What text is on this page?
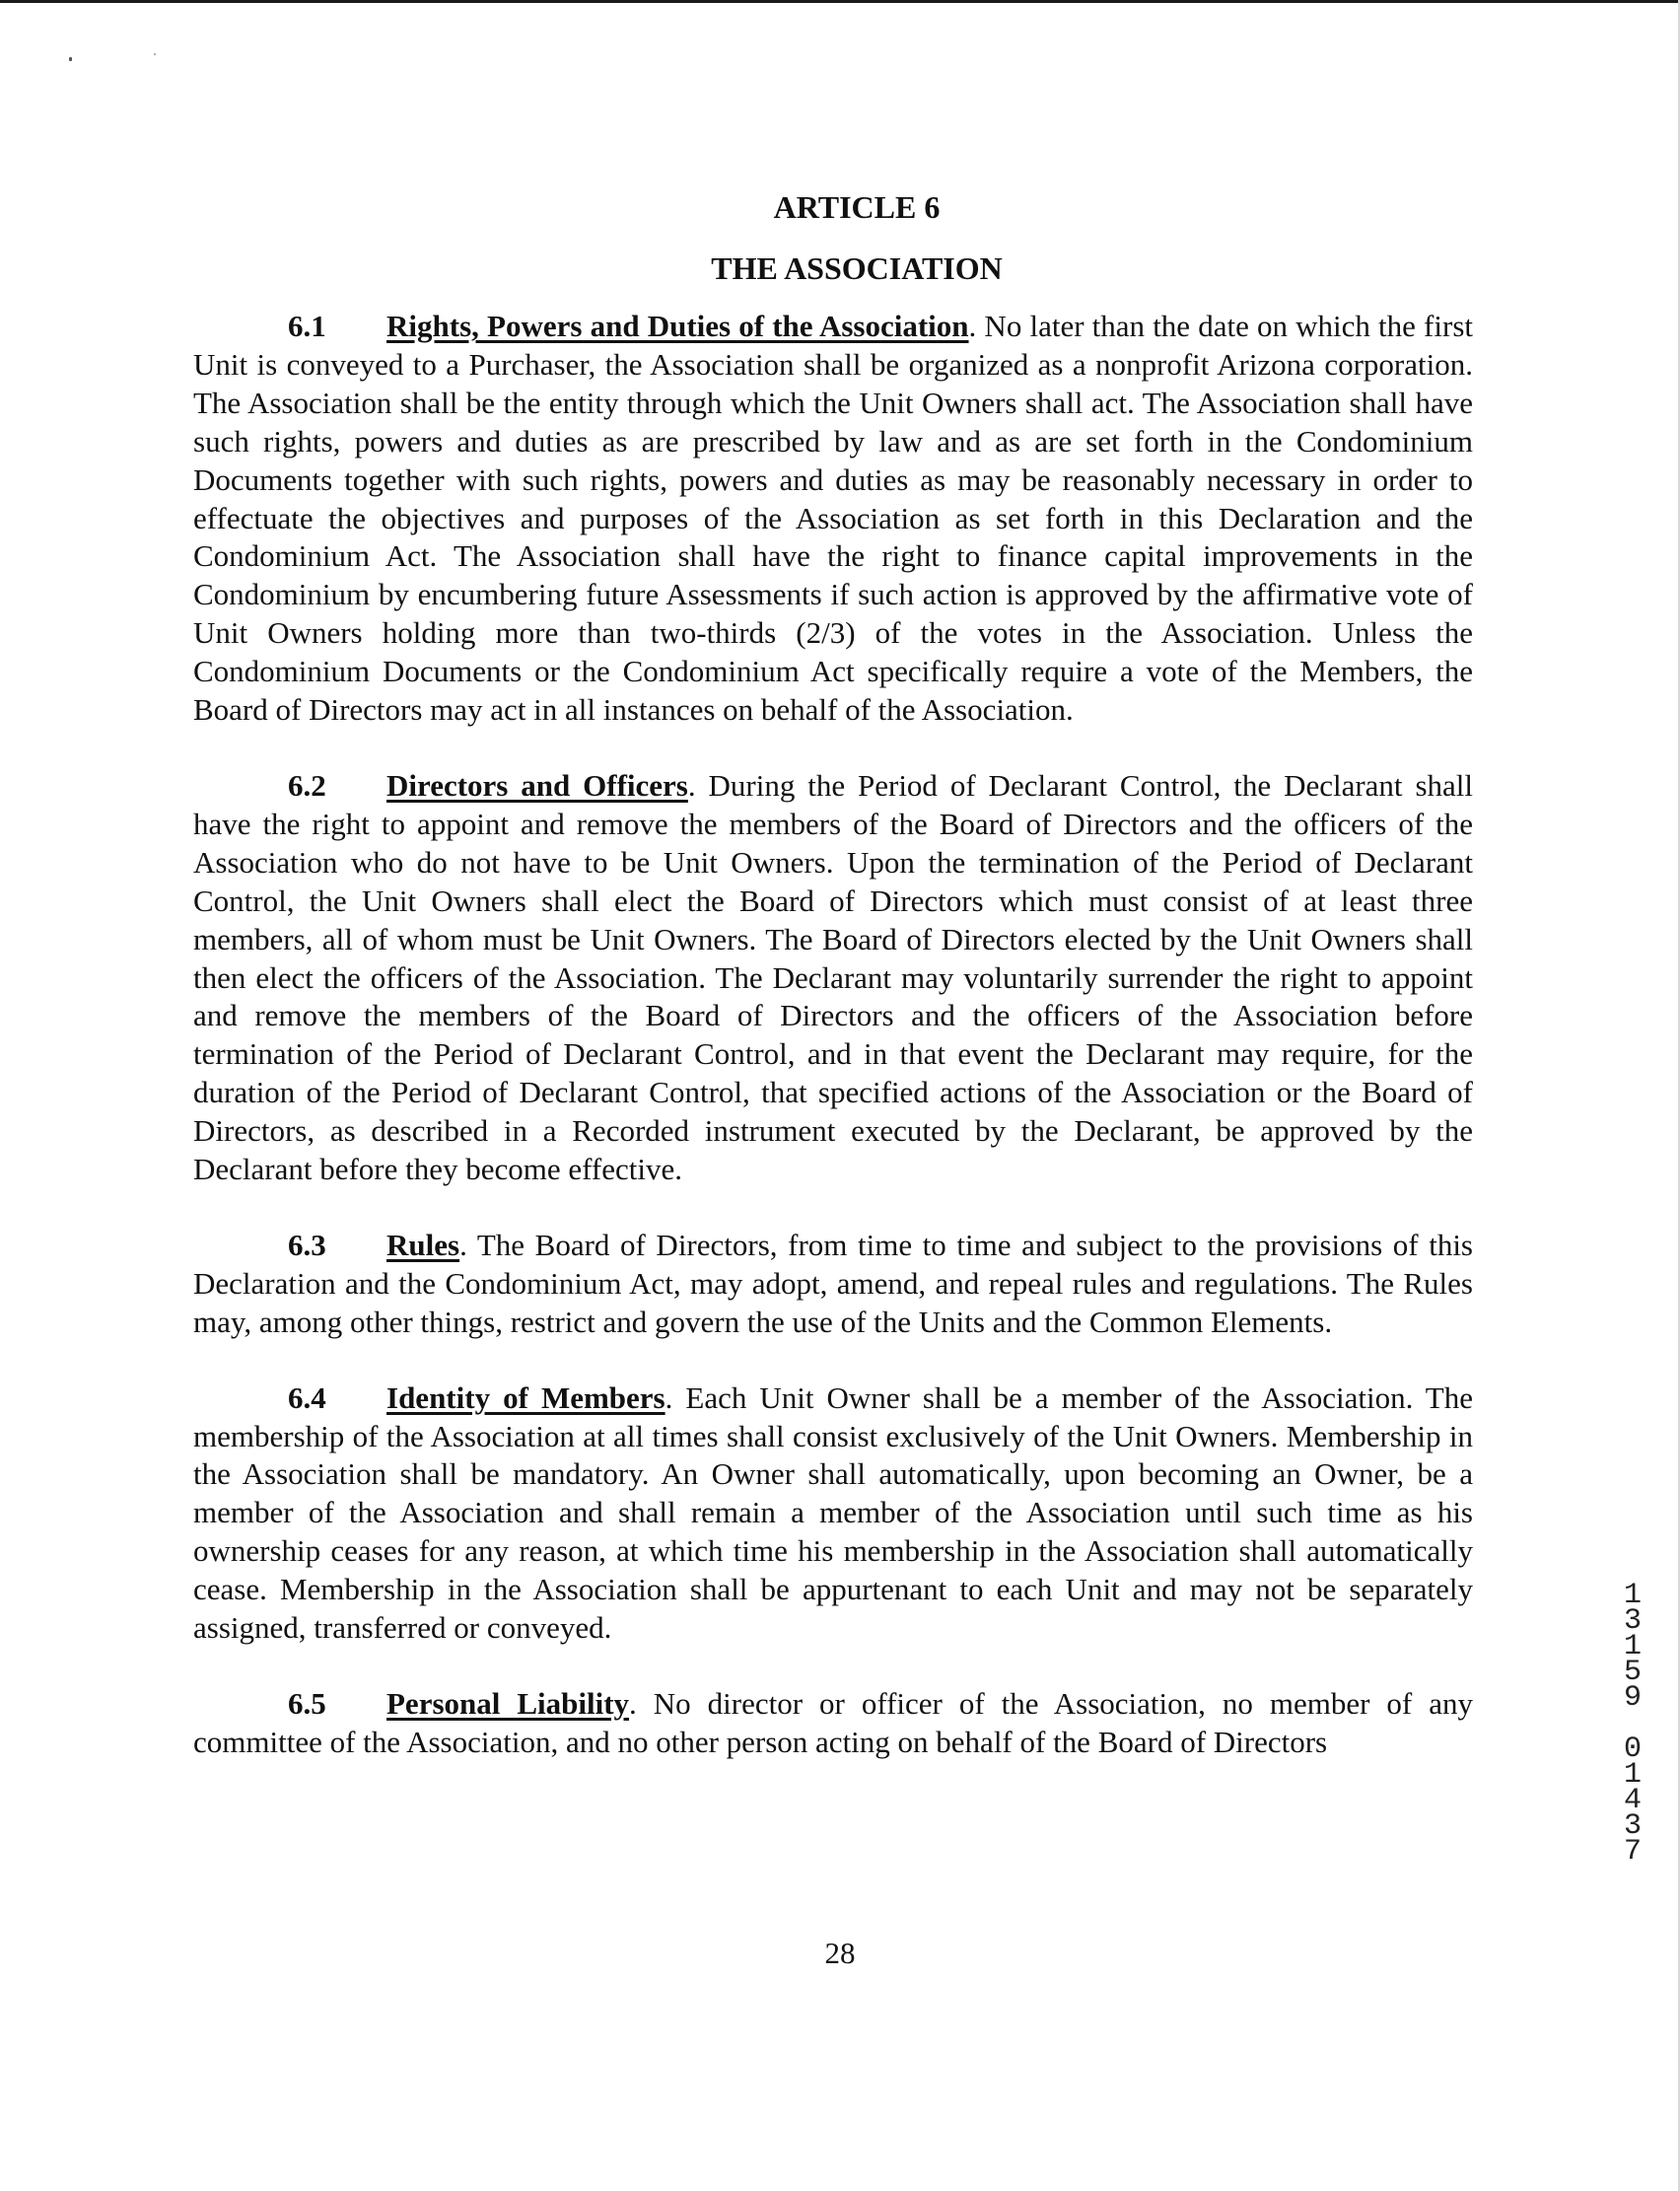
ARTICLE 6
THE ASSOCIATION

6.1 Rights, Powers and Duties of the Association. No later than the date on which the first Unit is conveyed to a Purchaser, the Association shall be organized as a nonprofit Arizona corporation. The Association shall be the entity through which the Unit Owners shall act. The Association shall have such rights, powers and duties as are prescribed by law and as are set forth in the Condominium Documents together with such rights, powers and duties as may be reasonably necessary in order to effectuate the objectives and purposes of the Association as set forth in this Declaration and the Condominium Act. The Association shall have the right to finance capital improvements in the Condominium by encumbering future Assessments if such action is approved by the affirmative vote of Unit Owners holding more than two-thirds (2/3) of the votes in the Association. Unless the Condominium Documents or the Condominium Act specifically require a vote of the Members, the Board of Directors may act in all instances on behalf of the Association.

6.2 Directors and Officers. During the Period of Declarant Control, the Declarant shall have the right to appoint and remove the members of the Board of Directors and the officers of the Association who do not have to be Unit Owners. Upon the termination of the Period of Declarant Control, the Unit Owners shall elect the Board of Directors which must consist of at least three members, all of whom must be Unit Owners. The Board of Directors elected by the Unit Owners shall then elect the officers of the Association. The Declarant may voluntarily surrender the right to appoint and remove the members of the Board of Directors and the officers of the Association before termination of the Period of Declarant Control, and in that event the Declarant may require, for the duration of the Period of Declarant Control, that specified actions of the Association or the Board of Directors, as described in a Recorded instrument executed by the Declarant, be approved by the Declarant before they become effective.

6.3 Rules. The Board of Directors, from time to time and subject to the provisions of this Declaration and the Condominium Act, may adopt, amend, and repeal rules and regulations. The Rules may, among other things, restrict and govern the use of the Units and the Common Elements.

6.4 Identity of Members. Each Unit Owner shall be a member of the Association. The membership of the Association at all times shall consist exclusively of the Unit Owners. Membership in the Association shall be mandatory. An Owner shall automatically, upon becoming an Owner, be a member of the Association and shall remain a member of the Association until such time as his ownership ceases for any reason, at which time his membership in the Association shall automatically cease. Membership in the Association shall be appurtenant to each Unit and may not be separately assigned, transferred or conveyed.

6.5 Personal Liability. No director or officer of the Association, no member of any committee of the Association, and no other person acting on behalf of the Board of Directors

1
3
1
5
9

0
1
4
3
7
28
